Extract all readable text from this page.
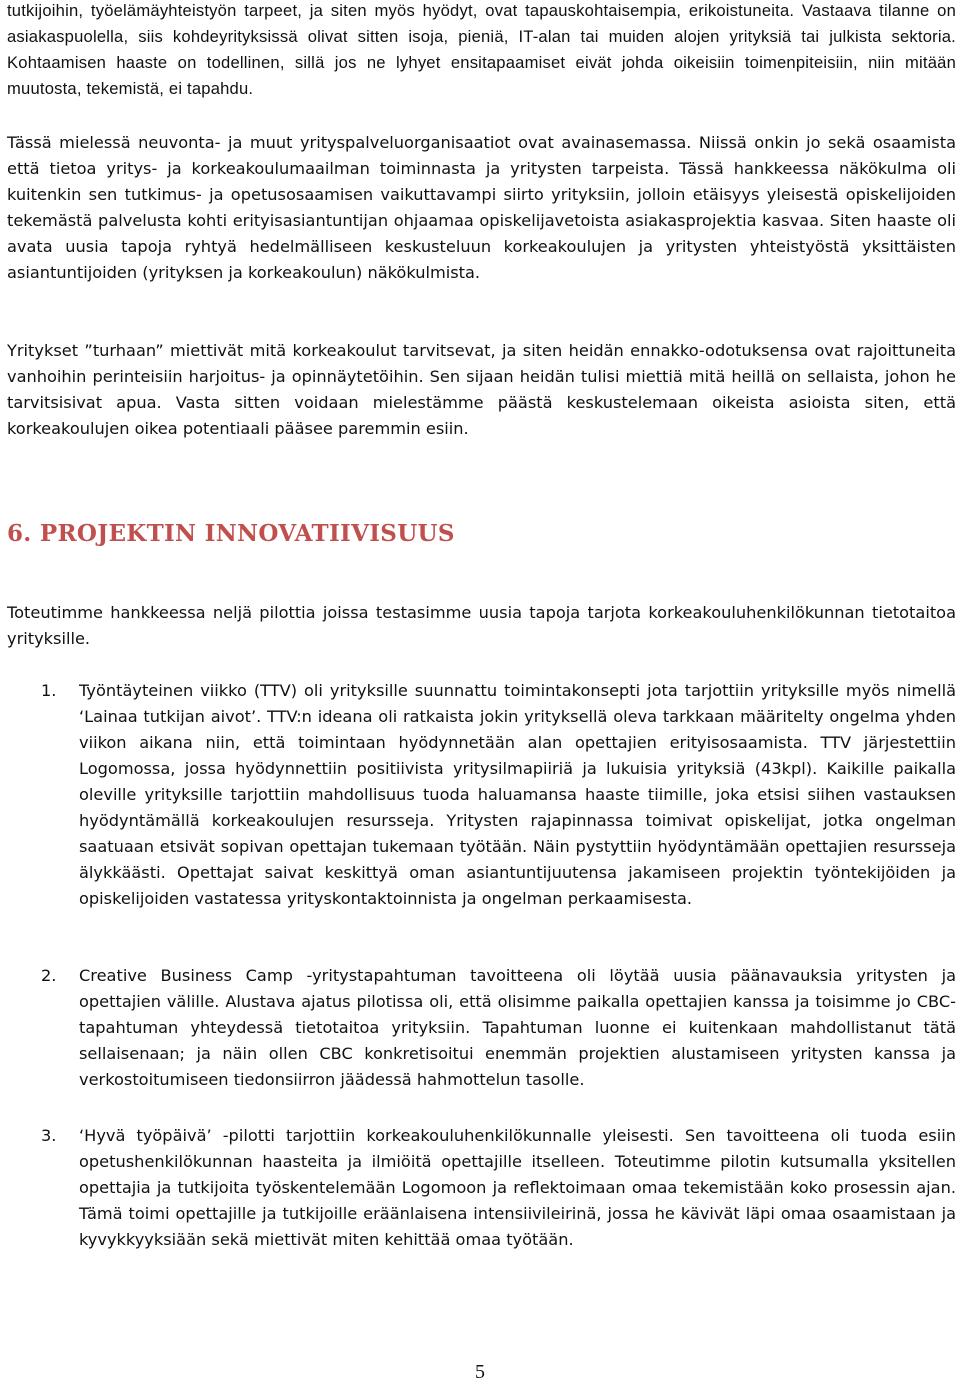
tutkijoihin, työelämäyhteistyön tarpeet, ja siten myös hyödyt, ovat tapauskohtaisempia, erikoistuneita. Vastaava tilanne on asiakaspuolella, siis kohdeyrityksissä olivat sitten isoja, pieniä, IT-alan tai muiden alojen yrityksiä tai julkista sektoria. Kohtaamisen haaste on todellinen, sillä jos ne lyhyet ensitapaamiset eivät johda oikeisiin toimenpiteisiin, niin mitään muutosta, tekemistä, ei tapahdu.

Tässä mielessä neuvonta- ja muut yrityspalveluorganisaatiot ovat avainasemassa. Niissä onkin jo sekä osaamista että tietoa yritys- ja korkeakoulumaailman toiminnasta ja yritysten tarpeista. Tässä hankkeessa näkökulma oli kuitenkin sen tutkimus- ja opetusosaamisen vaikuttavampi siirto yrityksiin, jolloin etäisyys yleisestä opiskelijoiden tekemästä palvelusta kohti erityisasiantuntijan ohjaamaa opiskelijavetoista asiakasprojektia kasvaa. Siten haaste oli avata uusia tapoja ryhtyä hedelmälliseen keskusteluun korkeakoulujen ja yritysten yhteistyöstä yksittäisten asiantuntijoiden (yrityksen ja korkeakoulun) näkökulmista.

Yritykset ”turhaan” miettivät mitä korkeakoulut tarvitsevat, ja siten heidän ennakko-odotuksensa ovat rajoittuneita vanhoihin perinteisiin harjoitus- ja opinnäytetöihin. Sen sijaan heidän tulisi miettiä mitä heillä on sellaista, johon he tarvitsisivat apua. Vasta sitten voidaan mielestämme päästä keskustelemaan oikeista asioista siten, että korkeakoulujen oikea potentiaali pääsee paremmin esiin.

6. PROJEKTIN INNOVATIIVISUUS

Toteutimme hankkeessa neljä pilottia joissa testasimme uusia tapoja tarjota korkeakouluhenkilökunnan tietotaitoa yrityksille.

1. Työntäyteinen viikko (TTV) oli yrityksille suunnattu toimintakonsepti jota tarjottiin yrityksille myös nimellä ‘Lainaa tutkijan aivot’. TTV:n ideana oli ratkaista jokin yrityksellä oleva tarkkaan määritelty ongelma yhden viikon aikana niin, että toimintaan hyödynnetään alan opettajien erityisosaamista. TTV järjestettiin Logomossa, jossa hyödynnettiin positiivista yritysilmapiiriä ja lukuisia yrityksiä (43kpl). Kaikille paikalla oleville yrityksille tarjottiin mahdollisuus tuoda haluamansa haaste tiimille, joka etsisi siihen vastauksen hyödyntämällä korkeakoulujen resursseja. Yritysten rajapinnassa toimivat opiskelijat, jotka ongelman saatuaan etsivät sopivan opettajan tukemaan työtään. Näin pystyttiin hyödyntämään opettajien resursseja älykkäästi. Opettajat saivat keskittyä oman asiantuntijuutensa jakamiseen projektin työntekijöiden ja opiskelijoiden vastatessa yrityskontaktoinnista ja ongelman perkaamisesta.

2. Creative Business Camp -yritystapahtuman tavoitteena oli löytää uusia päänavauksia yritysten ja opettajien välille. Alustava ajatus pilotissa oli, että olisimme paikalla opettajien kanssa ja toisimme jo CBC-tapahtuman yhteydessä tietotaitoa yrityksiin. Tapahtuman luonne ei kuitenkaan mahdollistanut tätä sellaisenaan; ja näin ollen CBC konkretisoitui enemmän projektien alustamiseen yritysten kanssa ja verkostoitumiseen tiedonsiirron jäädessä hahmottelun tasolle.

3. ‘Hyvä työpäivä’ -pilotti tarjottiin korkeakouluhenkilökunnalle yleisesti. Sen tavoitteena oli tuoda esiin opetushenkilökunnan haasteita ja ilmiöitä opettajille itselleen. Toteutimme pilotin kutsumalla yksitellen opettajia ja tutkijoita työskentelemään Logomoon ja reflektoimaan omaa tekemistään koko prosessin ajan. Tämä toimi opettajille ja tutkijoille eräänlaisena intensiivileirinä, jossa he kävivät läpi omaa osaamistaan ja kyvykkyyksiään sekä miettivät miten kehittää omaa työtään.

5
